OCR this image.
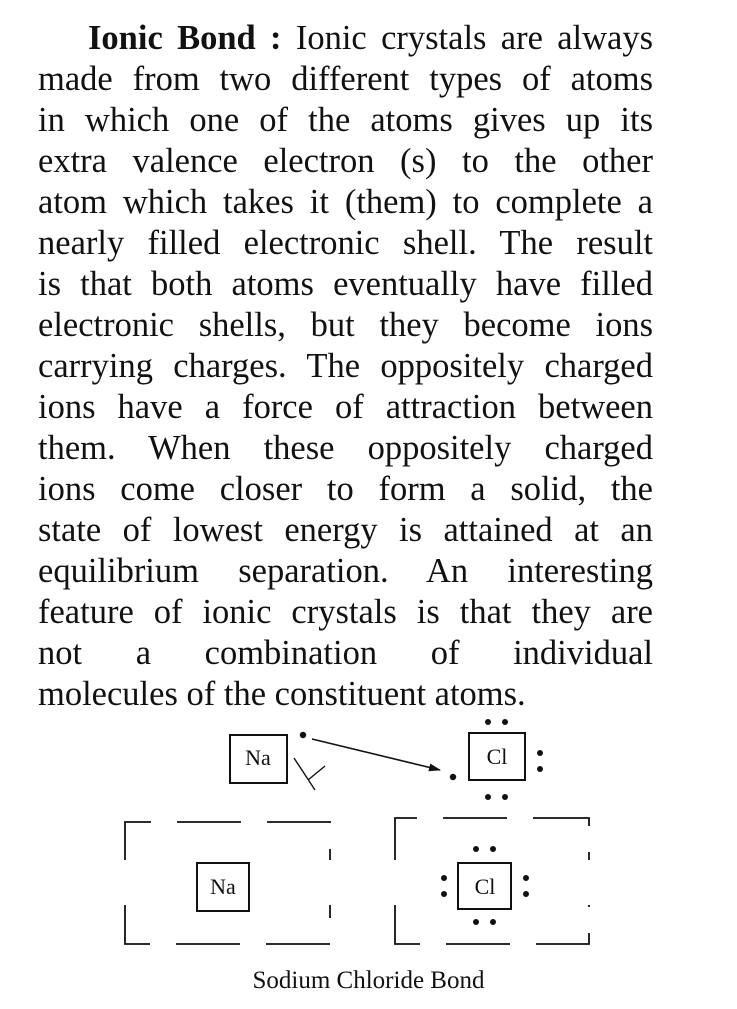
Ionic Bond : Ionic crystals are always
made from two different types of atoms
in which one of the atoms gives up its
extra valence electron (s) to the other
atom which takes it (them) to complete a
nearly filled electronic shell. The result
is that both atoms eventually have filled
electronic shells, but they become ions
carrying charges. The oppositely charged
ions have a force of attraction between
them. When these oppositely charged
ions come closer to form a solid, the
state of lowest energy is attained at an
equilibrium separation. An interesting
feature of ionic crystals is that they are
not a combination of individual
molecules of the constituent atoms.
Na	Cl
Na	Cl
Sodium Chloride Bond
